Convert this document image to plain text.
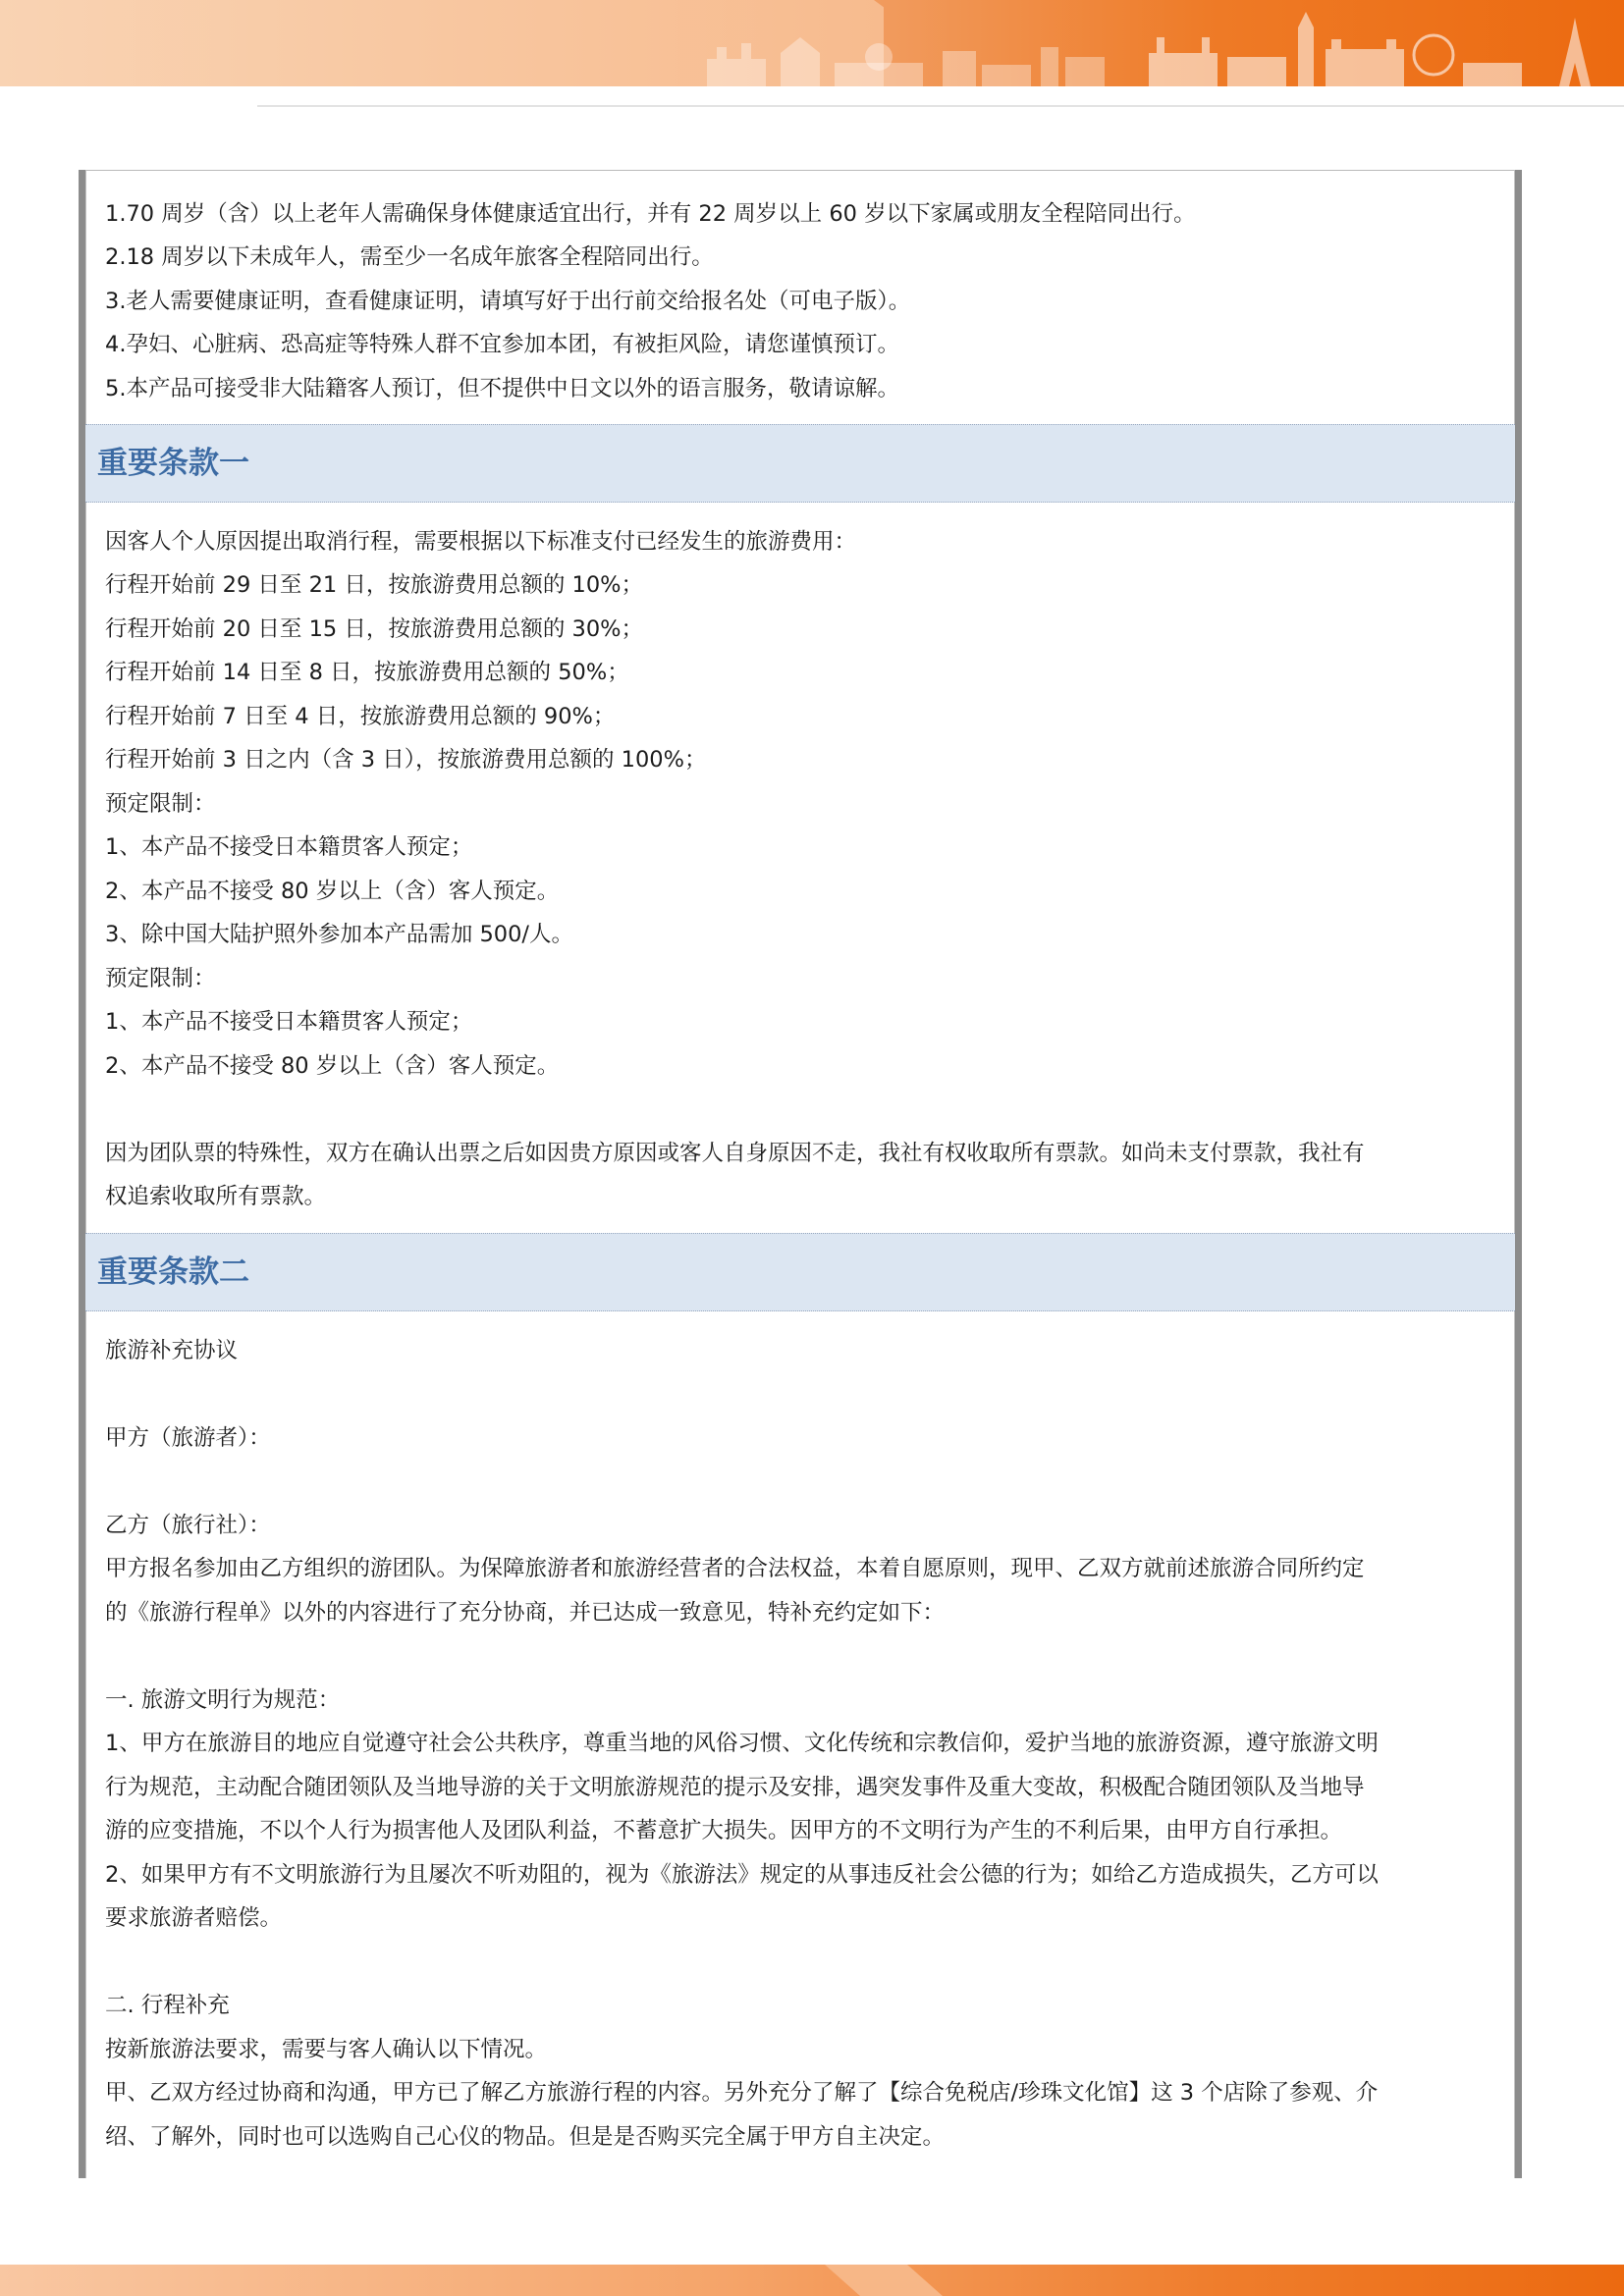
1.70 周岁（含）以上老年人需确保身体健康适宜出行，并有 22 周岁以上 60 岁以下家属或朋友全程陪同出行。
2.18 周岁以下未成年人，需至少一名成年旅客全程陪同出行。
3.老人需要健康证明，查看健康证明，请填写好于出行前交给报名处（可电子版）。
4.孕妇、心脏病、恐高症等特殊人群不宜参加本团，有被拒风险，请您谨慎预订。
5.本产品可接受非大陆籍客人预订，但不提供中日文以外的语言服务，敬请谅解。
重要条款一
因客人个人原因提出取消行程，需要根据以下标准支付已经发生的旅游费用：
行程开始前 29 日至 21 日，按旅游费用总额的 10%；
行程开始前 20 日至 15 日，按旅游费用总额的 30%；
行程开始前 14 日至 8 日，按旅游费用总额的 50%；
行程开始前 7 日至 4 日，按旅游费用总额的 90%；
行程开始前 3 日之内（含 3 日），按旅游费用总额的 100%；
预定限制：
1、本产品不接受日本籍贯客人预定；
2、本产品不接受 80 岁以上（含）客人预定。
3、除中国大陆护照外参加本产品需加 500/人。
预定限制：
1、本产品不接受日本籍贯客人预定；
2、本产品不接受 80 岁以上（含）客人预定。
因为团队票的特殊性，双方在确认出票之后如因贵方原因或客人自身原因不走，我社有权收取所有票款。如尚未支付票款，我社有
权追索收取所有票款。
重要条款二
旅游补充协议
甲方（旅游者）：
乙方（旅行社）：
甲方报名参加由乙方组织的游团队。为保障旅游者和旅游经营者的合法权益，本着自愿原则，现甲、乙双方就前述旅游合同所约定
的《旅游行程单》以外的内容进行了充分协商，并已达成一致意见，特补充约定如下：
一. 旅游文明行为规范：
1、甲方在旅游目的地应自觉遵守社会公共秩序，尊重当地的风俗习惯、文化传统和宗教信仰，爱护当地的旅游资源，遵守旅游文明
行为规范，主动配合随团领队及当地导游的关于文明旅游规范的提示及安排，遇突发事件及重大变故，积极配合随团领队及当地导
游的应变措施，不以个人行为损害他人及团队利益，不蓄意扩大损失。因甲方的不文明行为产生的不利后果，由甲方自行承担。
2、如果甲方有不文明旅游行为且屡次不听劝阻的，视为《旅游法》规定的从事违反社会公德的行为；如给乙方造成损失，乙方可以
要求旅游者赔偿。
二. 行程补充
按新旅游法要求，需要与客人确认以下情况。
甲、乙双方经过协商和沟通，甲方已了解乙方旅游行程的内容。另外充分了解了【综合免税店/珍珠文化馆】这 3 个店除了参观、介
绍、了解外，同时也可以选购自己心仪的物品。但是是否购买完全属于甲方自主决定。
